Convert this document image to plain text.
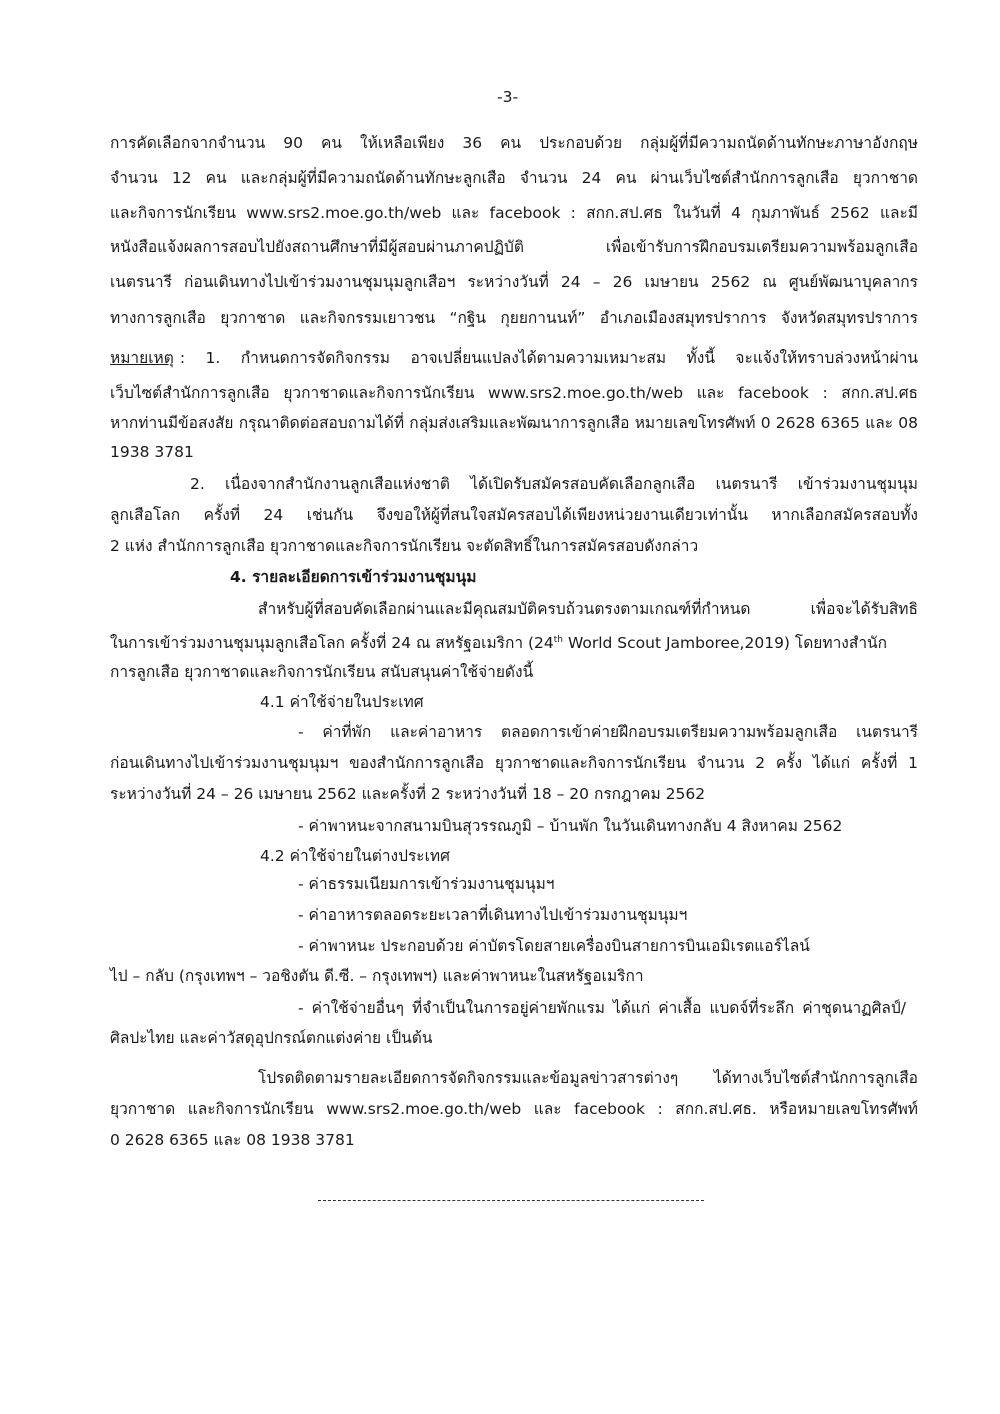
-3-
การคัดเลือกจากจำนวน 90 คน ให้เหลือเพียง 36 คน ประกอบด้วย กลุ่มผู้ที่มีความถนัดด้านทักษะภาษาอังกฤษ
จำนวน 12 คน และกลุ่มผู้ที่มีความถนัดด้านทักษะลูกเสือ จำนวน 24 คน ผ่านเว็บไซต์สำนักการลูกเสือ ยุวกาชาด
และกิจการนักเรียน www.srs2.moe.go.th/web และ facebook : สกก.สป.ศธ ในวันที่ 4 กุมภาพันธ์ 2562 และมี
หนังสือแจ้งผลการสอบไปยังสถานศึกษาที่มีผู้สอบผ่านภาคปฏิบัติ เพื่อเข้ารับการฝึกอบรมเตรียมความพร้อมลูกเสือ
เนตรนารี ก่อนเดินทางไปเข้าร่วมงานชุมนุมลูกเสือฯ ระหว่างวันที่ 24 – 26 เมษายน 2562 ณ ศูนย์พัฒนาบุคลากร
ทางการลูกเสือ ยุวกาชาด และกิจกรรมเยาวชน “กฐิน กุยยกานนท์” อำเภอเมืองสมุทรปราการ จังหวัดสมุทรปราการ
หมายเหตุ : 1. กำหนดการจัดกิจกรรม อาจเปลี่ยนแปลงได้ตามความเหมาะสม ทั้งนี้ จะแจ้งให้ทราบล่วงหน้าผ่าน
เว็บไซต์สำนักการลูกเสือ ยุวกาชาดและกิจการนักเรียน www.srs2.moe.go.th/web และ facebook : สกก.สป.ศธ
หากท่านมีข้อสงสัย กรุณาติดต่อสอบถามได้ที่ กลุ่มส่งเสริมและพัฒนาการลูกเสือ หมายเลขโทรศัพท์ 0 2628 6365 และ 08
1938 3781
2. เนื่องจากสำนักงานลูกเสือแห่งชาติ ได้เปิดรับสมัครสอบคัดเลือกลูกเสือ เนตรนารี เข้าร่วมงานชุมนุม
ลูกเสือโลก ครั้งที่ 24 เช่นกัน จึงขอให้ผู้ที่สนใจสมัครสอบได้เพียงหน่วยงานเดียวเท่านั้น หากเลือกสมัครสอบทั้ง
2 แห่ง สำนักการลูกเสือ ยุวกาชาดและกิจการนักเรียน จะตัดสิทธิ์ในการสมัครสอบดังกล่าว
4. รายละเอียดการเข้าร่วมงานชุมนุม
สำหรับผู้ที่สอบคัดเลือกผ่านและมีคุณสมบัติครบถ้วนตรงตามเกณฑ์ที่กำหนด เพื่อจะได้รับสิทธิ
ในการเข้าร่วมงานชุมนุมลูกเสือโลก ครั้งที่ 24 ณ สหรัฐอเมริกา (24th World Scout Jamboree,2019) โดยทางสำนัก
การลูกเสือ ยุวกาชาดและกิจการนักเรียน สนับสนุนค่าใช้จ่ายดังนี้
4.1 ค่าใช้จ่ายในประเทศ
- ค่าที่พัก และค่าอาหาร ตลอดการเข้าค่ายฝึกอบรมเตรียมความพร้อมลูกเสือ เนตรนารี
ก่อนเดินทางไปเข้าร่วมงานชุมนุมฯ ของสำนักการลูกเสือ ยุวกาชาดและกิจการนักเรียน จำนวน 2 ครั้ง ได้แก่ ครั้งที่ 1
ระหว่างวันที่ 24 – 26 เมษายน 2562 และครั้งที่ 2 ระหว่างวันที่ 18 – 20 กรกฎาคม 2562
- ค่าพาหนะจากสนามบินสุวรรณภูมิ – บ้านพัก ในวันเดินทางกลับ 4 สิงหาคม 2562
4.2 ค่าใช้จ่ายในต่างประเทศ
- ค่าธรรมเนียมการเข้าร่วมงานชุมนุมฯ
- ค่าอาหารตลอดระยะเวลาที่เดินทางไปเข้าร่วมงานชุมนุมฯ
- ค่าพาหนะ ประกอบด้วย ค่าบัตรโดยสายเครื่องบินสายการบินเอมิเรตแอร์ไลน์
ไป – กลับ (กรุงเทพฯ – วอชิงตัน ดี.ซี. – กรุงเทพฯ) และค่าพาหนะในสหรัฐอเมริกา
- ค่าใช้จ่ายอื่นๆ ที่จำเป็นในการอยู่ค่ายพักแรม ได้แก่ ค่าเสื้อ แบดจ์ที่ระลึก ค่าชุดนาฏศิลป์/
ศิลปะไทย และค่าวัสดุอุปกรณ์ตกแต่งค่าย เป็นต้น
โปรดติดตามรายละเอียดการจัดกิจกรรมและข้อมูลข่าวสารต่างๆ ได้ทางเว็บไซต์สำนักการลูกเสือ
ยุวกาชาด และกิจการนักเรียน www.srs2.moe.go.th/web และ facebook : สกก.สป.ศธ. หรือหมายเลขโทรศัพท์
0 2628 6365 และ 08 1938 3781
